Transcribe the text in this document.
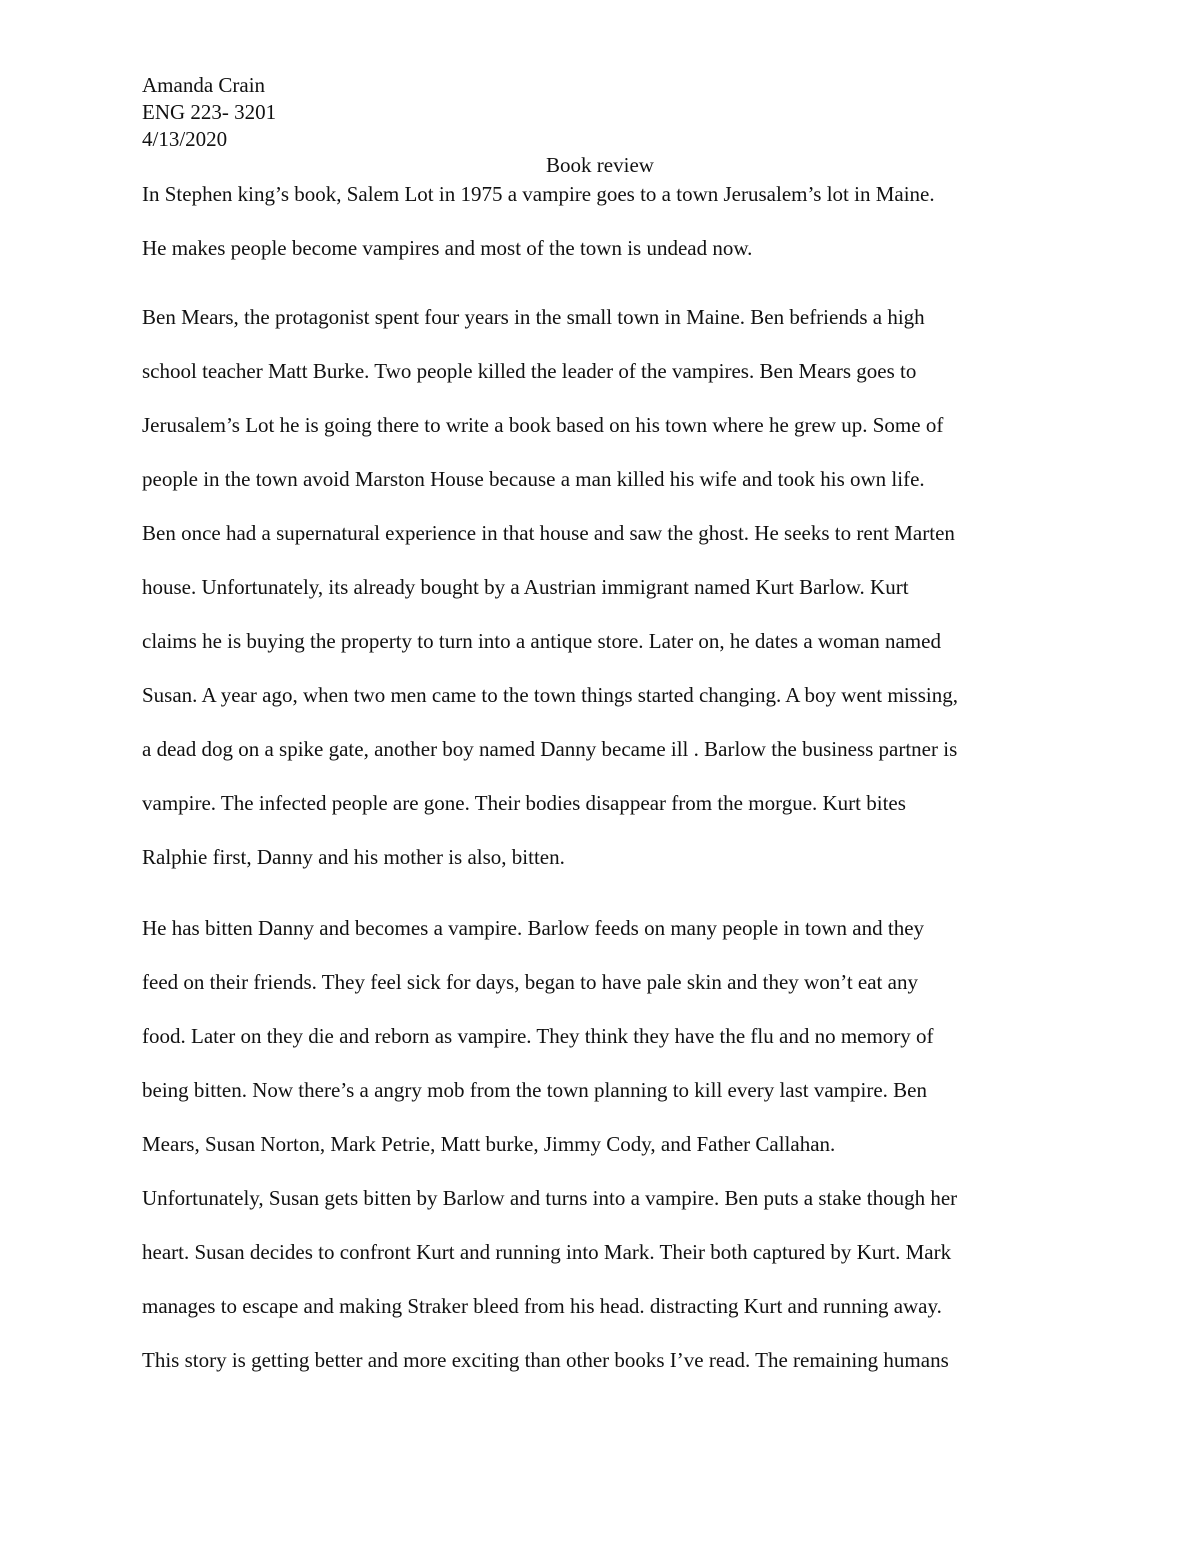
Amanda Crain
ENG 223- 3201
4/13/2020
Book review
In Stephen king’s book, Salem Lot in 1975 a vampire goes to a town Jerusalem’s lot in Maine.
He makes people become vampires and most of the town is undead now.
Ben Mears, the protagonist spent four years in the small town in Maine. Ben befriends a high
school teacher Matt Burke. Two people killed the leader of the vampires. Ben Mears goes to
Jerusalem’s Lot he is going there to write a book based on his town where he grew up. Some of
people in the town avoid Marston House because a man killed his wife and took his own life.
Ben once had a supernatural experience in that house and saw the ghost. He seeks to rent Marten
house. Unfortunately, its already bought by a Austrian immigrant named Kurt Barlow. Kurt
claims he is buying the property to turn into a antique store. Later on, he dates a woman named
Susan. A year ago, when two men came to the town things started changing. A boy went missing,
a dead dog on a spike gate, another boy named Danny became ill . Barlow the business partner is
vampire. The infected people are gone. Their bodies disappear from the morgue. Kurt bites
Ralphie first, Danny and his mother is also, bitten.
He has bitten Danny and becomes a vampire. Barlow feeds on many people in town and they
feed on their friends. They feel sick for days, began to have pale skin and they won’t eat any
food. Later on they die and reborn as vampire. They think they have the flu and no memory of
being bitten. Now there’s a angry mob from the town planning to kill every last vampire. Ben
Mears, Susan Norton, Mark Petrie, Matt burke, Jimmy Cody, and Father Callahan.
Unfortunately, Susan gets bitten by Barlow and turns into a vampire. Ben puts a stake though her
heart. Susan decides to confront Kurt and running into Mark. Their both captured by Kurt. Mark
manages to escape and making Straker bleed from his head. distracting Kurt and running away.
This story is getting better and more exciting than other books I’ve read. The remaining humans
